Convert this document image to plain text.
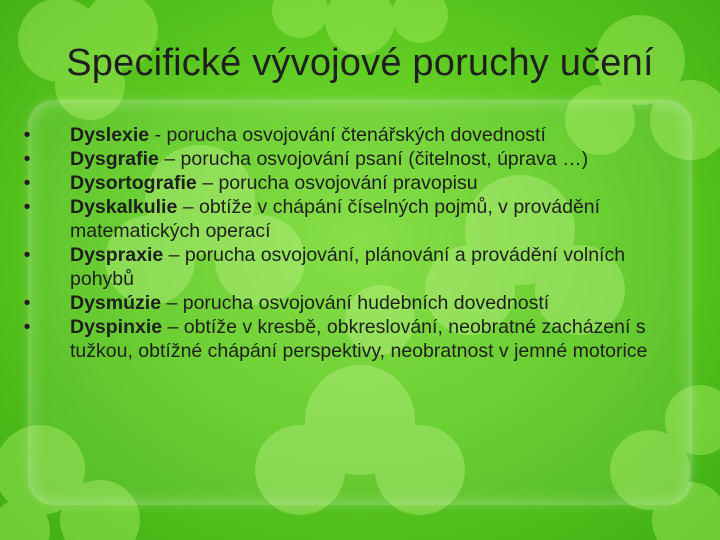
Specifické vývojové poruchy učení
• Dyslexie - porucha osvojování čtenářských dovedností
• Dysgrafie – porucha osvojování psaní (čitelnost, úprava …)
• Dysortografie – porucha osvojování pravopisu
• Dyskalkulie – obtíže v chápání číselných pojmů, v provádění matematických operací
• Dyspraxie – porucha osvojování, plánování a provádění volních pohybů
• Dysmúzie – porucha osvojování hudebních dovedností
• Dyspinxie – obtíže v kresbě, obkreslování, neobratné zacházení s tužkou, obtížné chápání perspektivy, neobratnost v jemné motorice
